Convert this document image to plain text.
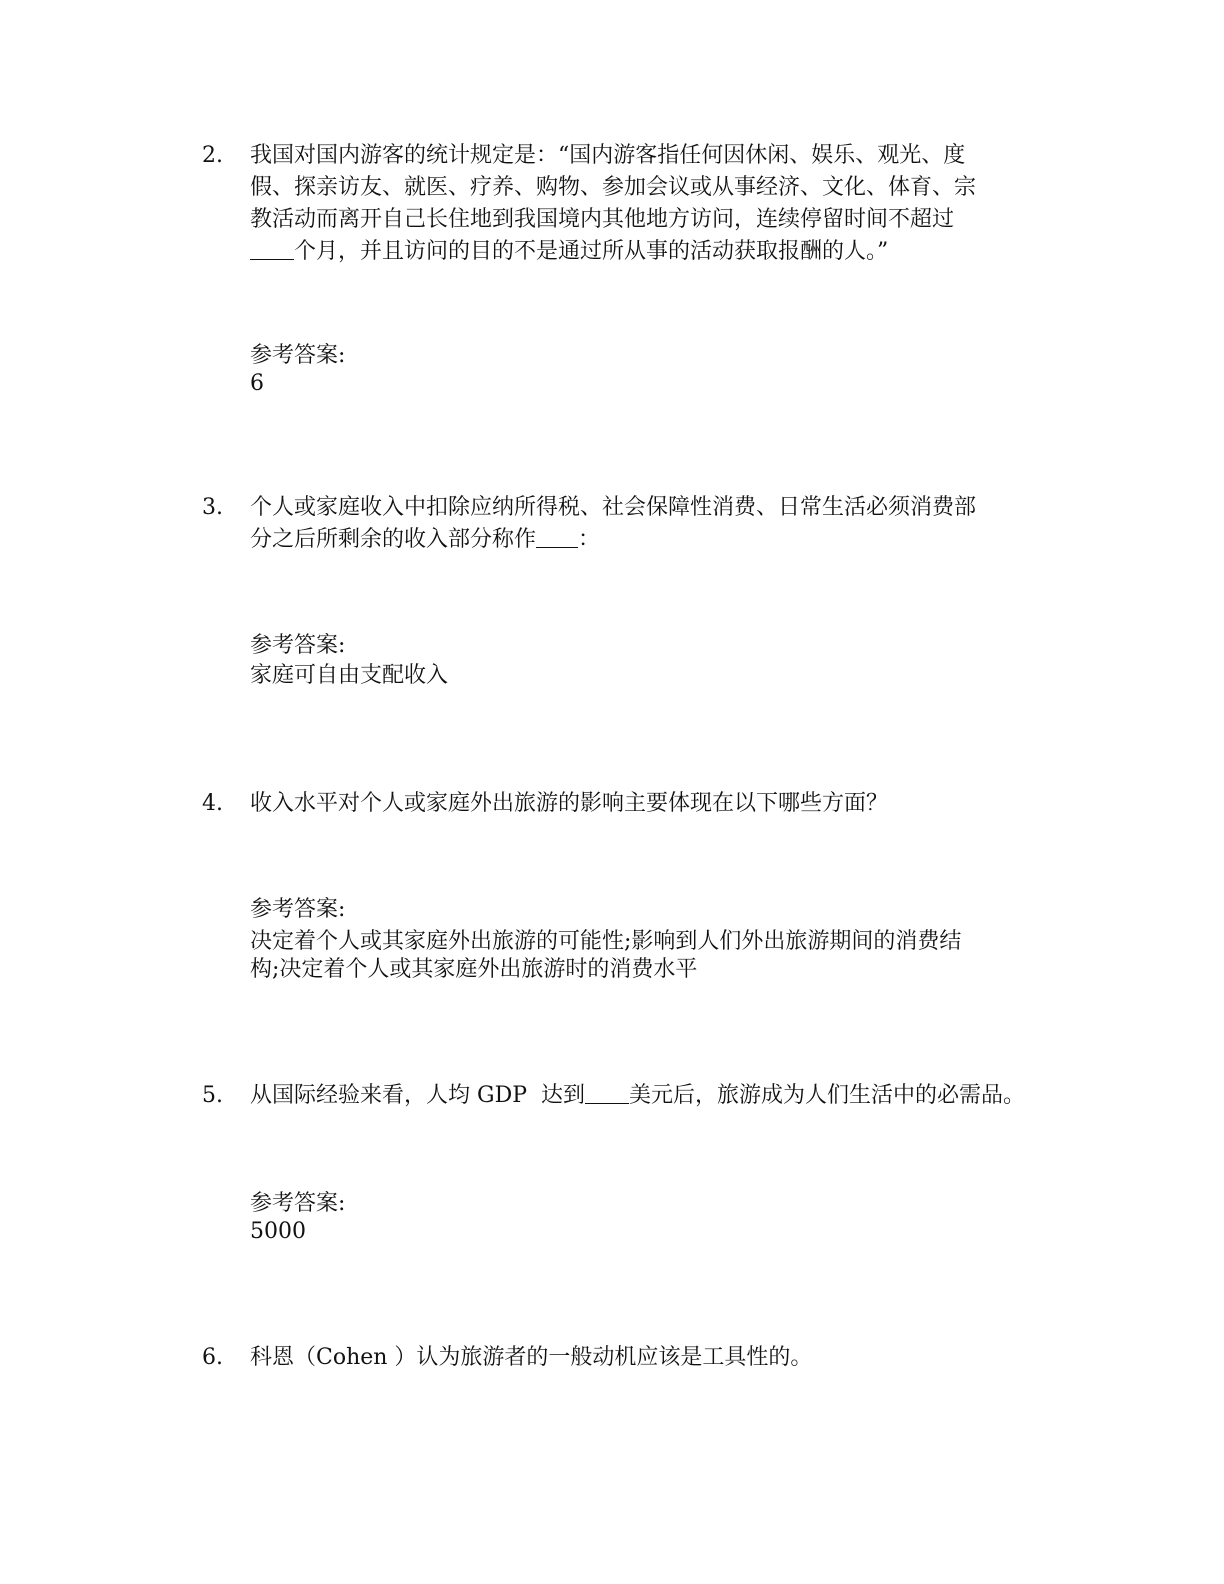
2. 我国对国内游客的统计规定是：“国内游客指任何因休闲、娱乐、观光、度
假、探亲访友、就医、疗养、购物、参加会议或从事经济、文化、体育、宗
教活动而离开自己长住地到我国境内其他地方访问，连续停留时间不超过
个月，并且访问的目的不是通过所从事的活动获取报酬的人。”
参考答案:
6
3. 个人或家庭收入中扣除应纳所得税、社会保障性消费、日常生活必须消费部
分之后所剩余的收入部分称作 ：
参考答案:
家庭可自由支配收入
4. 收入水平对个人或家庭外出旅游的影响主要体现在以下哪些方面？
参考答案:
决定着个人或其家庭外出旅游的可能性;影响到人们外出旅游期间的消费结
构;决定着个人或其家庭外出旅游时的消费水平
5. 从国际经验来看，人均 GDP  达到 美元后，旅游成为人们生活中的必需品。
参考答案:
5000
6. 科恩（Cohen ）认为旅游者的一般动机应该是工具性的。
